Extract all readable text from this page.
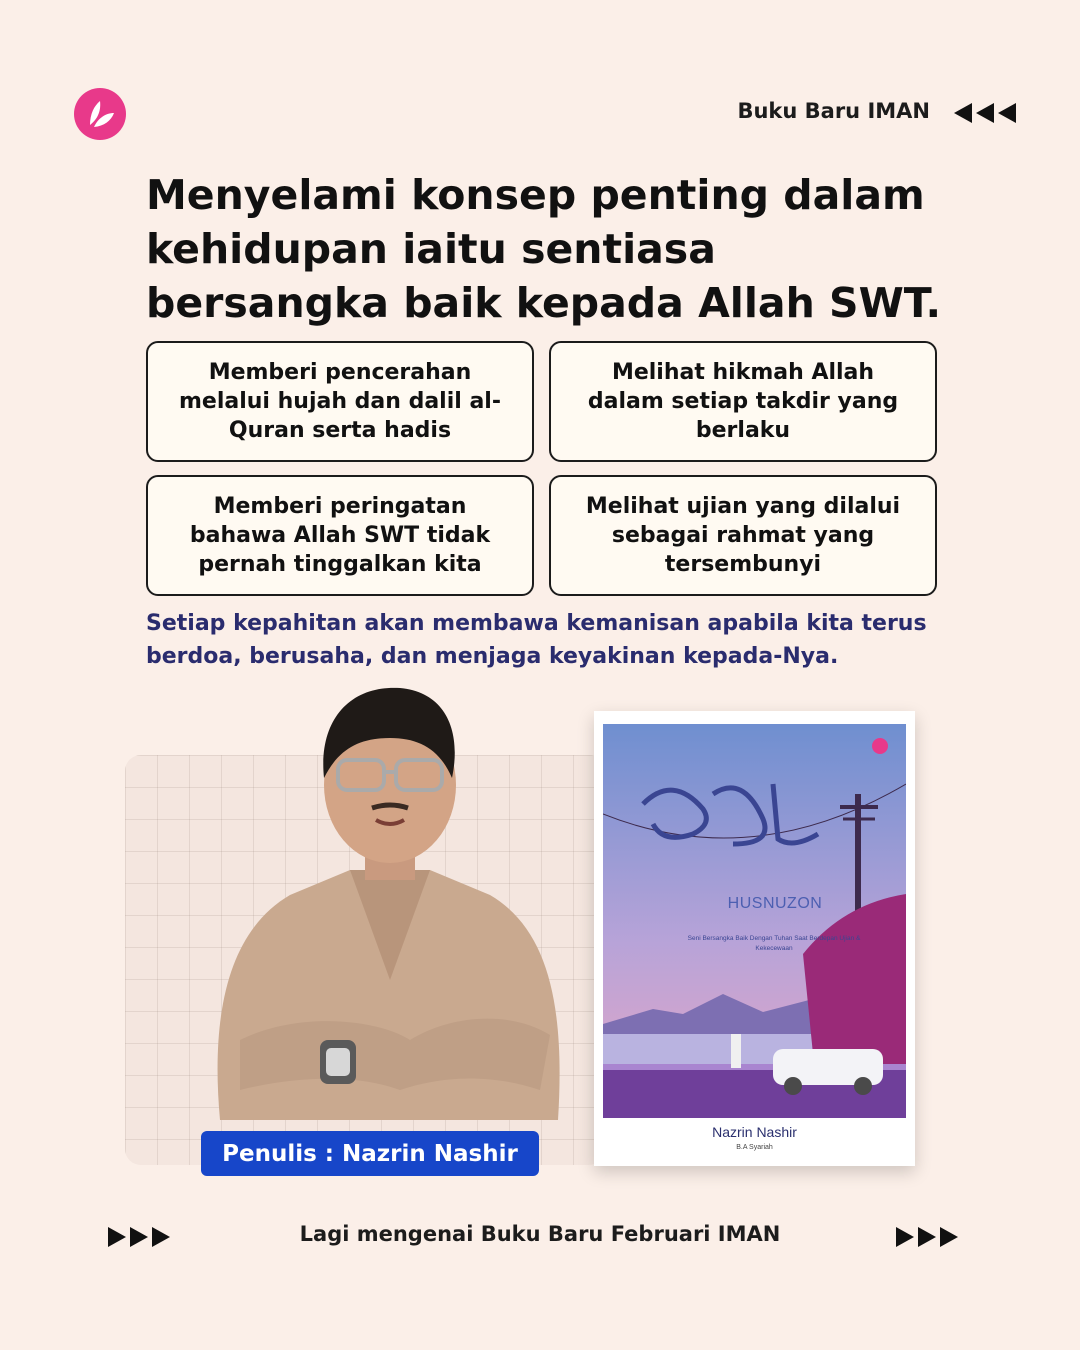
Buku Baru IMAN
Menyelami konsep penting dalam kehidupan iaitu sentiasa bersangka baik kepada Allah SWT.
Memberi pencerahan melalui hujah dan dalil al-Quran serta hadis
Melihat hikmah Allah dalam setiap takdir yang berlaku
Memberi peringatan bahawa Allah SWT tidak pernah tinggalkan kita
Melihat ujian yang dilalui sebagai rahmat yang tersembunyi

Setiap kepahitan akan membawa kemanisan apabila kita terus berdoa, berusaha, dan menjaga keyakinan kepada-Nya.

Penulis : Nazrin Nashir
HUSNUZON
Seni Bersangka Baik Dengan Tuhan Saat Berdepan Ujian & Kekecewaan
Nazrin Nashir
B.A Syariah
Lagi mengenai Buku Baru Februari IMAN
